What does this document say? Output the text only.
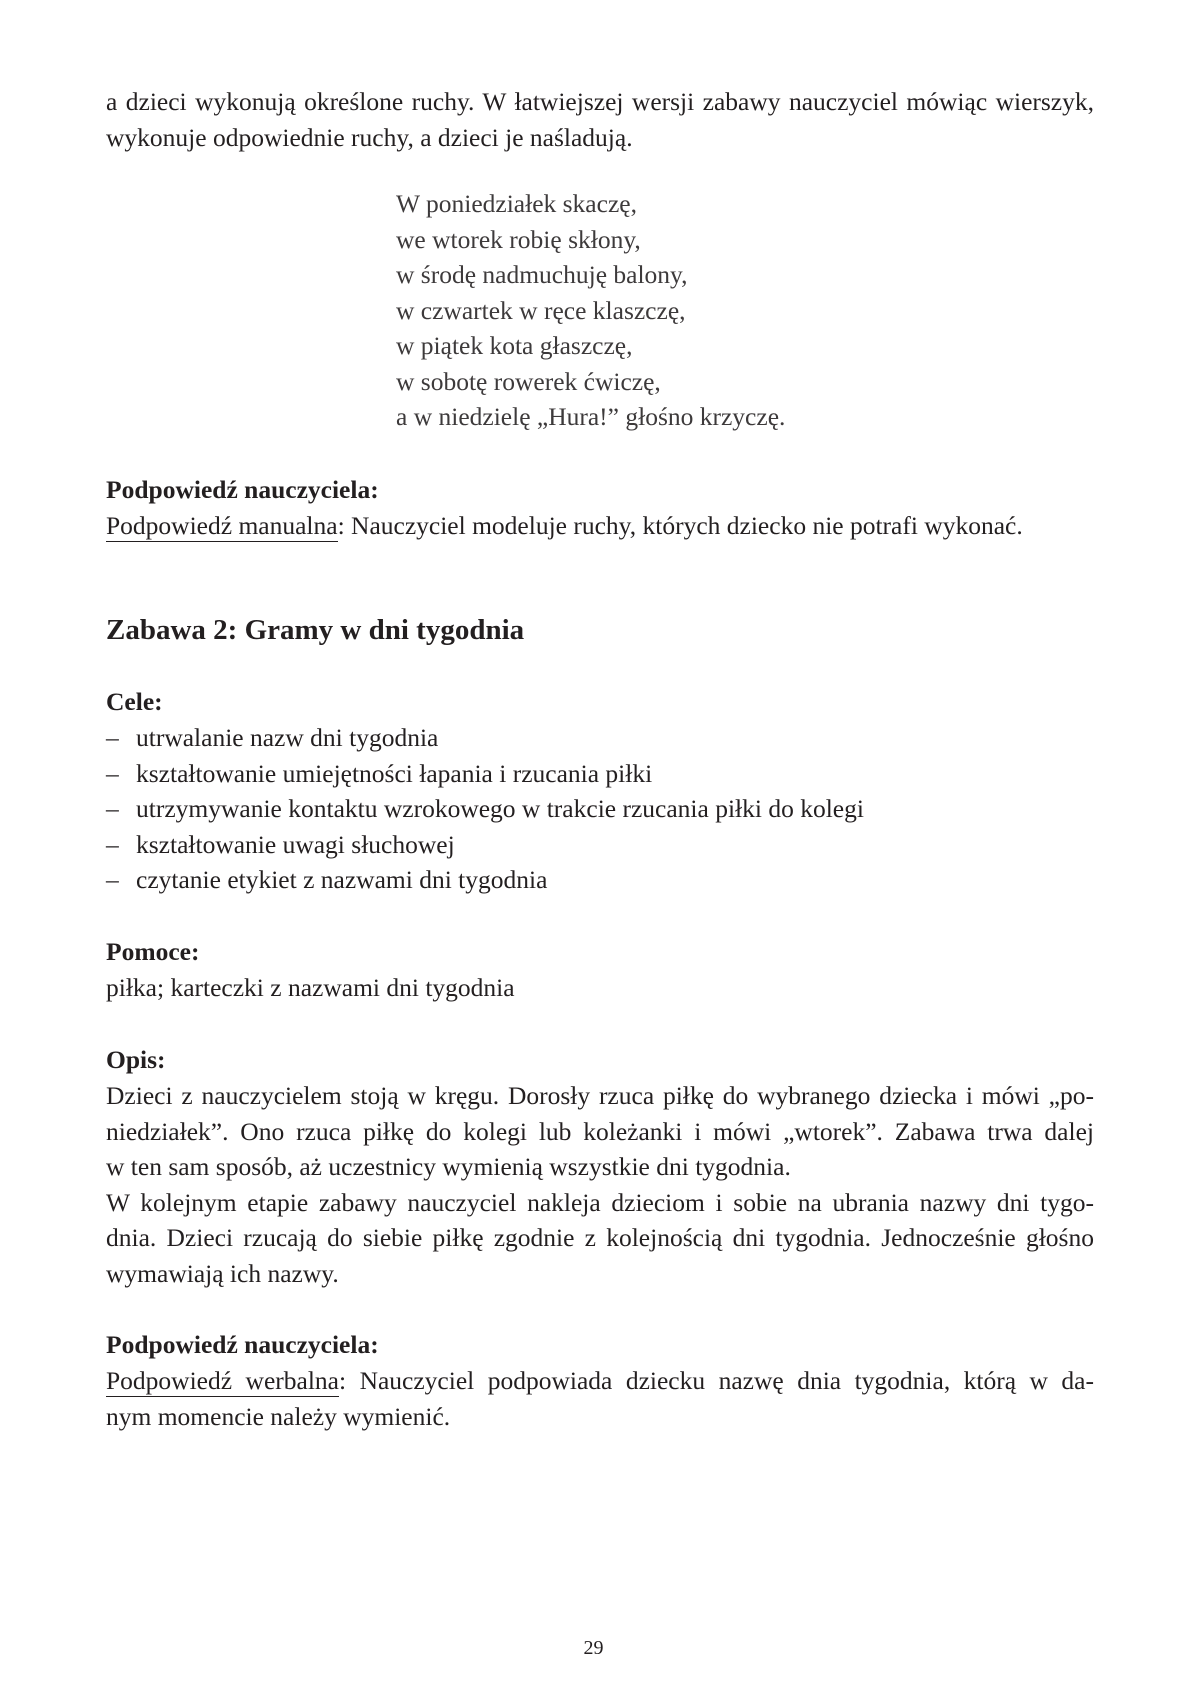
a dzieci wykonują określone ruchy. W łatwiejszej wersji zabawy nauczyciel mówiąc wierszyk,
wykonuje odpowiednie ruchy, a dzieci je naśladują.
W poniedziałek skaczę,
we wtorek robię skłony,
w środę nadmuchuję balony,
w czwartek w ręce klaszczę,
w piątek kota głaszczę,
w sobotę rowerek ćwiczę,
a w niedzielę „Hura!” głośno krzyczę.
Podpowiedź nauczyciela:
Podpowiedź manualna: Nauczyciel modeluje ruchy, których dziecko nie potrafi wykonać.
Zabawa 2: Gramy w dni tygodnia
Cele:
– utrwalanie nazw dni tygodnia
– kształtowanie umiejętności łapania i rzucania piłki
– utrzymywanie kontaktu wzrokowego w trakcie rzucania piłki do kolegi
– kształtowanie uwagi słuchowej
– czytanie etykiet z nazwami dni tygodnia
Pomoce:
piłka; karteczki z nazwami dni tygodnia
Opis:
Dzieci z nauczycielem stoją w kręgu. Dorosły rzuca piłkę do wybranego dziecka i mówi „po-
niedziałek”. Ono rzuca piłkę do kolegi lub koleżanki i mówi „wtorek”. Zabawa trwa dalej
w ten sam sposób, aż uczestnicy wymienią wszystkie dni tygodnia.
W kolejnym etapie zabawy nauczyciel nakleja dzieciom i sobie na ubrania nazwy dni tygo-
dnia. Dzieci rzucają do siebie piłkę zgodnie z kolejnością dni tygodnia. Jednocześnie głośno
wymawiają ich nazwy.
Podpowiedź nauczyciela:
Podpowiedź werbalna: Nauczyciel podpowiada dziecku nazwę dnia tygodnia, którą w da-
nym momencie należy wymienić.
29
